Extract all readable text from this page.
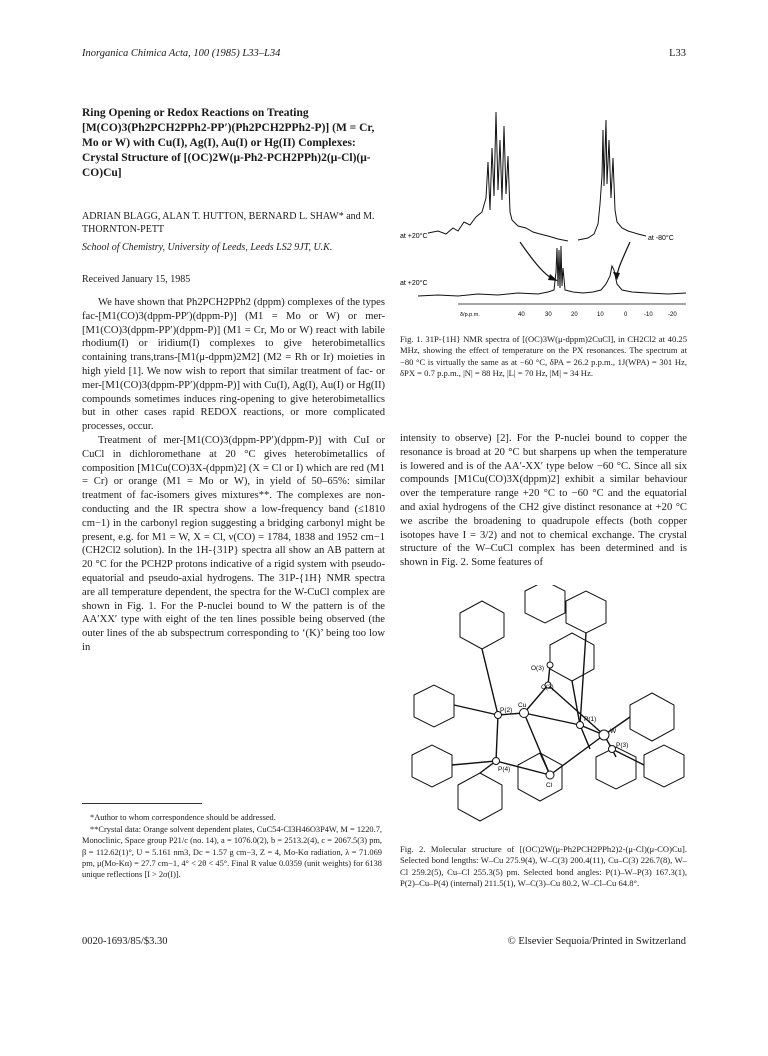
Inorganica Chimica Acta, 100 (1985) L33–L34	L33
Ring Opening or Redox Reactions on Treating [M(CO)3(Ph2PCH2PPh2-PP′)(Ph2PCH2PPh2-P)] (M = Cr, Mo or W) with Cu(I), Ag(I), Au(I) or Hg(II) Complexes: Crystal Structure of [(OC)2W(μ-Ph2-PCH2PPh)2(μ-Cl)(μ-CO)Cu]
ADRIAN BLAGG, ALAN T. HUTTON, BERNARD L. SHAW* and M. THORNTON-PETT
School of Chemistry, University of Leeds, Leeds LS2 9JT, U.K.
Received January 15, 1985

We have shown that Ph2PCH2PPh2 (dppm) complexes of the types fac-[M1(CO)3(dppm-PP′)(dppm-P)] (M1 = Mo or W) or mer-[M1(CO)3(dppm-PP′)(dppm-P)] (M1 = Cr, Mo or W) react with labile rhodium(I) or iridium(I) complexes to give heterobimetallics containing trans,trans-[M1(μ-dppm)2M2] (M2 = Rh or Ir) moieties in high yield [1]. We now wish to report that similar treatment of fac- or mer-[M1(CO)3(dppm-PP′)(dppm-P)] with Cu(I), Ag(I), Au(I) or Hg(II) compounds sometimes induces ring-opening to give heterobimetallics but in other cases rapid REDOX reactions, or more complicated processes, occur.

Treatment of mer-[M1(CO)3(dppm-PP′)(dppm-P)] with CuI or CuCl in dichloromethane at 20 °C gives heterobimetallics of composition [M1Cu(CO)3X-(dppm)2] (X = Cl or I) which are red (M1 = Cr) or orange (M1 = Mo or W), in yield of 50–65%: similar treatment of fac-isomers gives mixtures**. The complexes are non-conducting and the IR spectra show a low-frequency band (≤1810 cm−1) in the carbonyl region suggesting a bridging carbonyl might be present, e.g. for M1 = W, X = Cl, ν(CO) = 1784, 1838 and 1952 cm−1 (CH2Cl2 solution). In the 1H-{31P} spectra all show an AB pattern at 20 °C for the PCH2P protons indicative of a rigid system with pseudo-equatorial and pseudo-axial hydrogens. The 31P-{1H} NMR spectra are all temperature dependent, the spectra for the W-CuCl complex are shown in Fig. 1. For the P-nuclei bound to W the pattern is of the AA′XX′ type with eight of the ten lines possible being observed (the outer lines of the ab subspectrum corresponding to ‘(K)’ being too low in

*Author to whom correspondence should be addressed.

**Crystal data: Orange solvent dependent plates, CuC54-Cl3H46O3P4W, M = 1220.7, Monoclinic, Space group P21/c (no. 14), a = 1076.0(2), b = 2513.2(4), c = 2067.5(3) pm, β = 112.62(1)°, U = 5.161 nm3, Dc = 1.57 g cm−3, Z = 4, Mo-Kα radiation, λ = 71.069 pm, μ(Mo-Kα) = 27.7 cm−1, 4° < 2θ < 45°. Final R value 0.0359 (unit weights) for 6138 unique reflections [I > 2σ(I)].

at +20°C	at -80°C
at +20°C
δ/p.p.m.	40	30	20	10	0	-10	-20
Fig. 1. 31P-{1H} NMR spectra of [(OC)3W(μ-dppm)2CuCl], in CH2Cl2 at 40.25 MHz, showing the effect of temperature on the PX resonances. The spectrum at −80 °C is virtually the same as at −60 °C, δPA = 26.2 p.p.m., 1J(WPA) = 301 Hz, δPX = 0.7 p.p.m., |N| = 88 Hz, |L| = 70 Hz, |M| = 34 Hz.

intensity to observe) [2]. For the P-nuclei bound to copper the resonance is broad at 20 °C but sharpens up when the temperature is lowered and is of the AA′-XX′ type below −60 °C. Since all six compounds [M1Cu(CO)3X(dppm)2] exhibit a similar behaviour over the temperature range +20 °C to −60 °C and the equatorial and axial hydrogens of the CH2 give distinct resonance at +20 °C we ascribe the broadening to quadrupole effects (both copper isotopes have I = 3/2) and not to chemical exchange. The crystal structure of the W–CuCl complex has been determined and is shown in Fig. 2. Some features of

O(3)
C(3)
P(2)
Cu
P(1)
W
P(3)
P(4)
Cl
Fig. 2. Molecular structure of [(OC)2W(μ-Ph2PCH2PPh2)2-(μ-Cl)(μ-CO)Cu]. Selected bond lengths: W–Cu 275.9(4), W–C(3) 200.4(11), Cu–C(3) 226.7(8), W–Cl 259.2(5), Cu–Cl 255.3(5) pm. Selected bond angles: P(1)–W–P(3) 167.3(1), P(2)–Cu–P(4) (internal) 211.5(1), W–C(3)–Cu 80.2, W–Cl–Cu 64.8°.
0020-1693/85/$3.30	© Elsevier Sequoia/Printed in Switzerland
